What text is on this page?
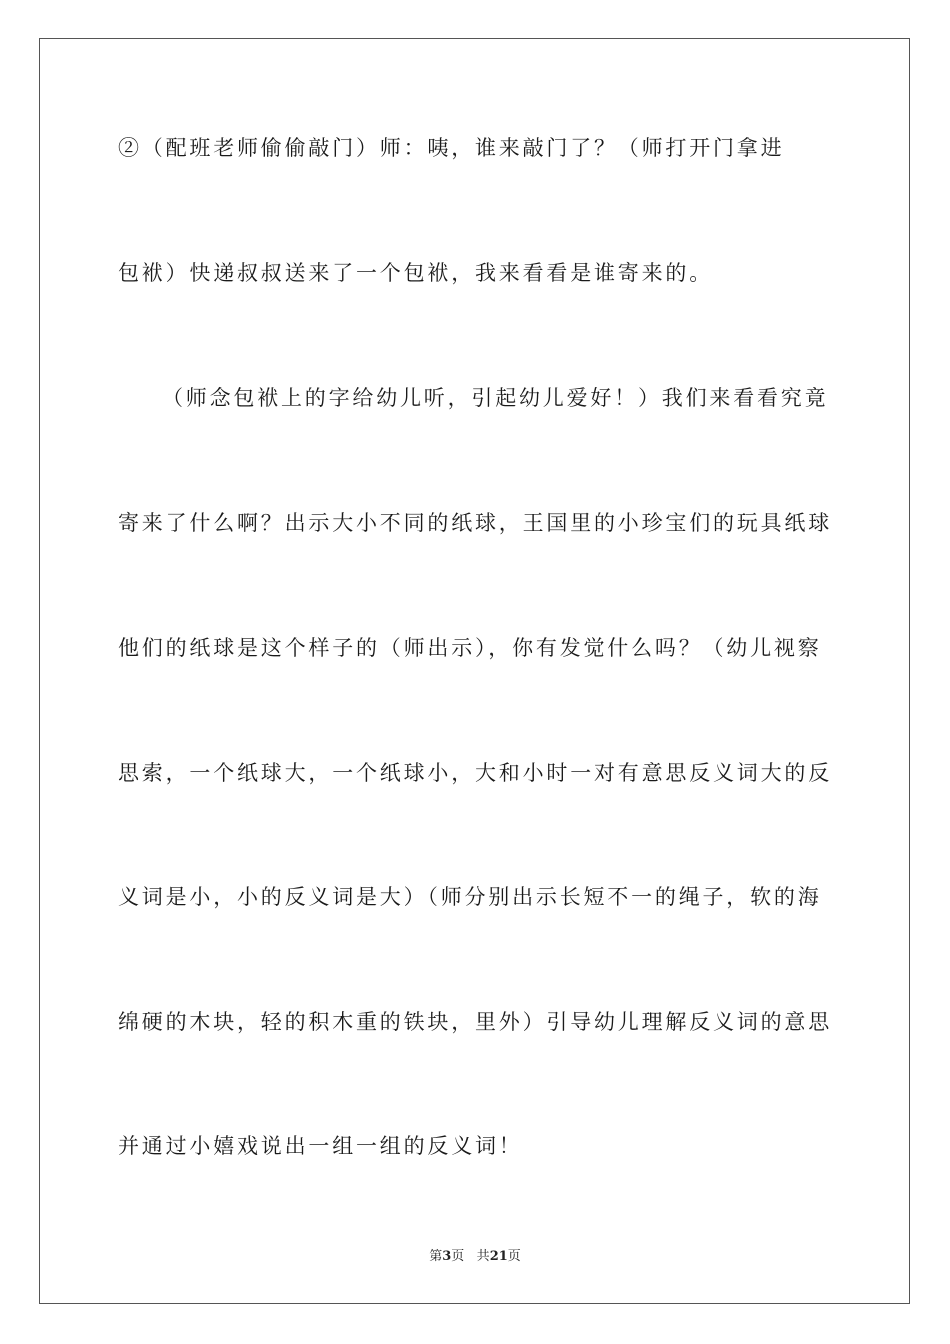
②（配班老师偷偷敲门）师：咦，谁来敲门了？（师打开门拿进
包袱）快递叔叔送来了一个包袱，我来看看是谁寄来的。
（师念包袱上的字给幼儿听，引起幼儿爱好！）我们来看看究竟
寄来了什么啊？出示大小不同的纸球，王国里的小珍宝们的玩具纸球
他们的纸球是这个样子的（师出示），你有发觉什么吗？（幼儿视察
思索，一个纸球大，一个纸球小，大和小时一对有意思反义词大的反
义词是小，小的反义词是大）（师分别出示长短不一的绳子，软的海
绵硬的木块，轻的积木重的铁块，里外）引导幼儿理解反义词的意思
并通过小嬉戏说出一组一组的反义词！
第3页 共21页
